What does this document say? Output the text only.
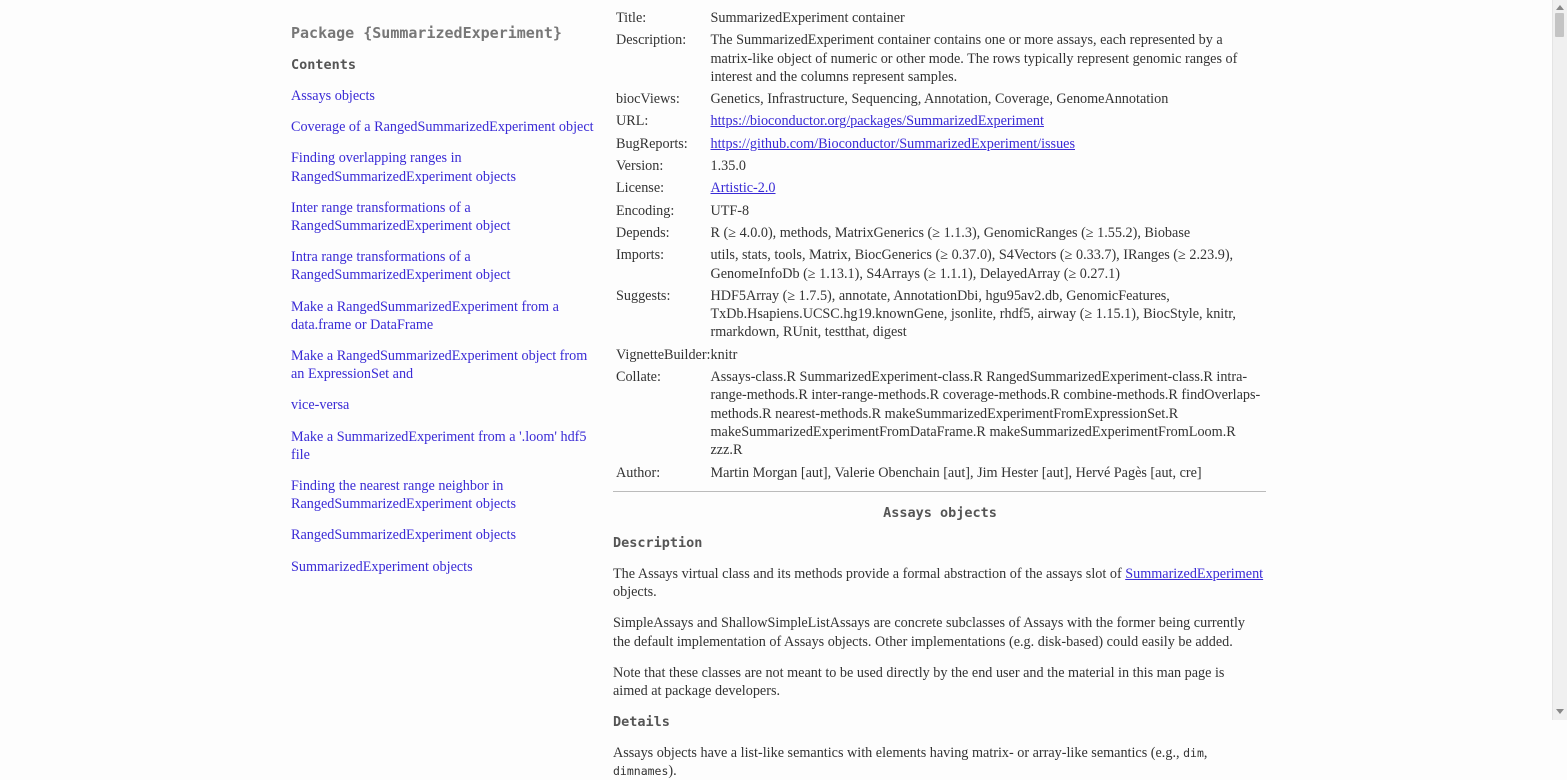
Package {SummarizedExperiment}
Contents
Assays objects
Coverage of a RangedSummarizedExperiment object
Finding overlapping ranges in RangedSummarizedExperiment objects
Inter range transformations of a RangedSummarizedExperiment object
Intra range transformations of a RangedSummarizedExperiment object
Make a RangedSummarizedExperiment from a data.frame or DataFrame
Make a RangedSummarizedExperiment object from an ExpressionSet and
vice-versa
Make a SummarizedExperiment from a '.loom' hdf5 file
Finding the nearest range neighbor in RangedSummarizedExperiment objects
RangedSummarizedExperiment objects
SummarizedExperiment objects
Title:	SummarizedExperiment container
Description:	The SummarizedExperiment container contains one or more assays, each represented by a matrix-like object of numeric or other mode. The rows typically represent genomic ranges of interest and the columns represent samples.
biocViews:	Genetics, Infrastructure, Sequencing, Annotation, Coverage, GenomeAnnotation
URL:	https://bioconductor.org/packages/SummarizedExperiment
BugReports:	https://github.com/Bioconductor/SummarizedExperiment/issues
Version:	1.35.0
License:	Artistic-2.0
Encoding:	UTF-8
Depends:	R (≥ 4.0.0), methods, MatrixGenerics (≥ 1.1.3), GenomicRanges (≥ 1.55.2), Biobase
Imports:	utils, stats, tools, Matrix, BiocGenerics (≥ 0.37.0), S4Vectors (≥ 0.33.7), IRanges (≥ 2.23.9), GenomeInfoDb (≥ 1.13.1), S4Arrays (≥ 1.1.1), DelayedArray (≥ 0.27.1)
Suggests:	HDF5Array (≥ 1.7.5), annotate, AnnotationDbi, hgu95av2.db, GenomicFeatures, TxDb.Hsapiens.UCSC.hg19.knownGene, jsonlite, rhdf5, airway (≥ 1.15.1), BiocStyle, knitr, rmarkdown, RUnit, testthat, digest
VignetteBuilder:	knitr
Collate:	Assays-class.R SummarizedExperiment-class.R RangedSummarizedExperiment-class.R intra-range-methods.R inter-range-methods.R coverage-methods.R combine-methods.R findOverlaps-methods.R nearest-methods.R makeSummarizedExperimentFromExpressionSet.R makeSummarizedExperimentFromDataFrame.R makeSummarizedExperimentFromLoom.R zzz.R
Author:	Martin Morgan [aut], Valerie Obenchain [aut], Jim Hester [aut], Hervé Pagès [aut, cre]
Assays objects
Description

The Assays virtual class and its methods provide a formal abstraction of the assays slot of SummarizedExperiment objects.

SimpleAssays and ShallowSimpleListAssays are concrete subclasses of Assays with the former being currently the default implementation of Assays objects. Other implementations (e.g. disk-based) could easily be added.

Note that these classes are not meant to be used directly by the end user and the material in this man page is aimed at package developers.

Details

Assays objects have a list-like semantics with elements having matrix- or array-like semantics (e.g., dim, dimnames).
